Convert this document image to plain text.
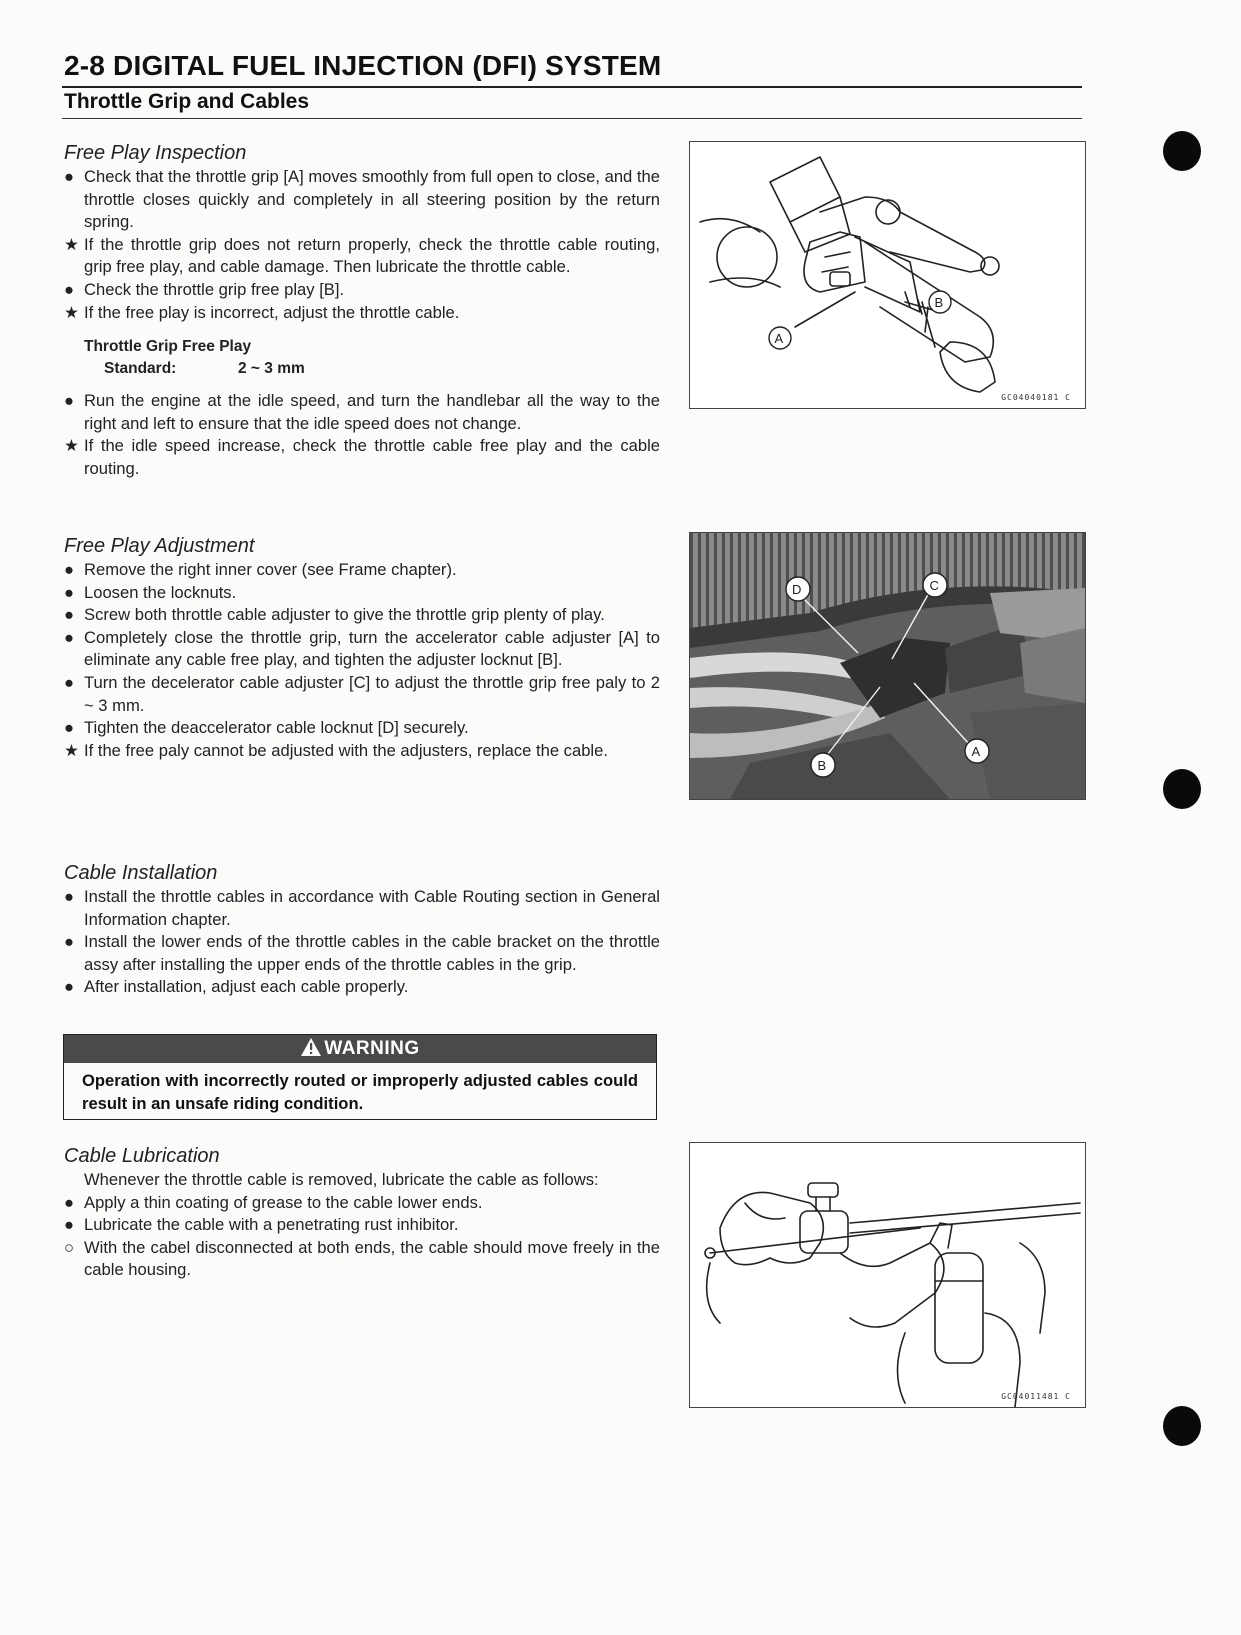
2-8 DIGITAL FUEL INJECTION (DFI) SYSTEM
Throttle Grip and Cables
Free Play Inspection
● Check that the throttle grip [A] moves smoothly from full open to close, and the throttle closes quickly and completely in all steering position by the return spring.
★ If the throttle grip does not return properly, check the throttle cable routing, grip free play, and cable damage. Then lubricate the throttle cable.
● Check the throttle grip free play [B].
★ If the free play is incorrect, adjust the throttle cable.
Throttle Grip Free Play
Standard:	2 ~ 3 mm
● Run the engine at the idle speed, and turn the handlebar all the way to the right and left to ensure that the idle speed does not change.
★ If the idle speed increase, check the throttle cable free play and the cable routing.
Free Play Adjustment
● Remove the right inner cover (see Frame chapter).
● Loosen the locknuts.
● Screw both throttle cable adjuster to give the throttle grip plenty of play.
● Completely close the throttle grip, turn the accelerator cable adjuster [A] to eliminate any cable free play, and tighten the adjuster locknut [B].
● Turn the decelerator cable adjuster [C] to adjust the throttle grip free paly to 2 ~ 3 mm.
● Tighten the deaccelerator cable locknut [D] securely.
★ If the free paly cannot be adjusted with the adjusters, replace the cable.
Cable Installation
● Install the throttle cables in accordance with Cable Routing section in General Information chapter.
● Install the lower ends of the throttle cables in the cable bracket on the throttle assy after installing the upper ends of the throttle cables in the grip.
● After installation, adjust each cable properly.
WARNING
Operation with incorrectly routed or improperly adjusted cables could result in an unsafe riding condition.
Cable Lubrication
Whenever the throttle cable is removed, lubricate the cable as follows:
● Apply a thin coating of grease to the cable lower ends.
● Lubricate the cable with a penetrating rust inhibitor.
○ With the cabel disconnected at both ends, the cable should move freely in the cable housing.
A
B
GC04040181 C
D	C
A
B
GC04011481 C
